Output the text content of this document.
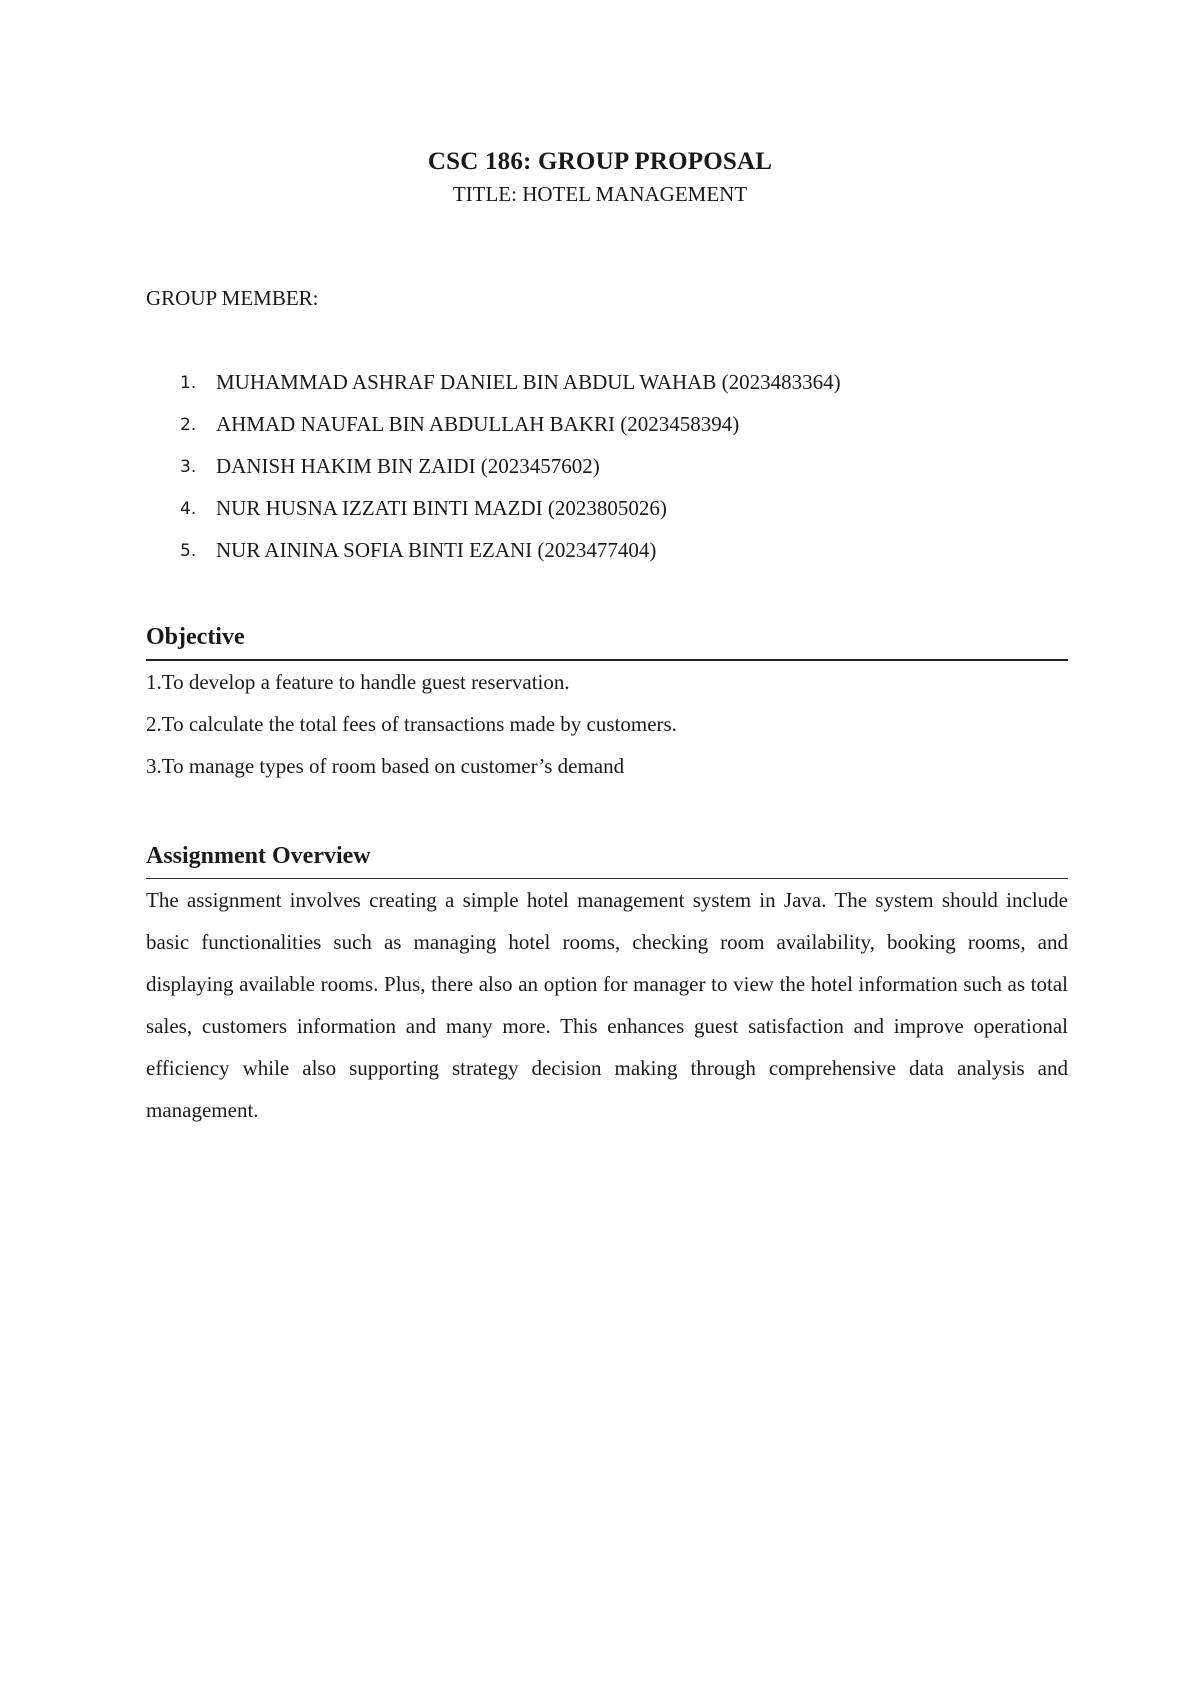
CSC 186: GROUP PROPOSAL
TITLE: HOTEL MANAGEMENT
GROUP MEMBER:
1. MUHAMMAD ASHRAF DANIEL BIN ABDUL WAHAB (2023483364)
2. AHMAD NAUFAL BIN ABDULLAH BAKRI (2023458394)
3. DANISH HAKIM BIN ZAIDI (2023457602)
4. NUR HUSNA IZZATI BINTI MAZDI (2023805026)
5. NUR AININA SOFIA BINTI EZANI (2023477404)
Objective
1.To develop a feature to handle guest reservation.
2.To calculate the total fees of transactions made by customers.
3.To manage types of room based on customer’s demand
Assignment Overview

The assignment involves creating a simple hotel management system in Java. The system should include basic functionalities such as managing hotel rooms, checking room availability, booking rooms, and displaying available rooms. Plus, there also an option for manager to view the hotel information such as total sales, customers information and many more. This enhances guest satisfaction and improve operational efficiency while also supporting strategy decision making through comprehensive data analysis and management.
